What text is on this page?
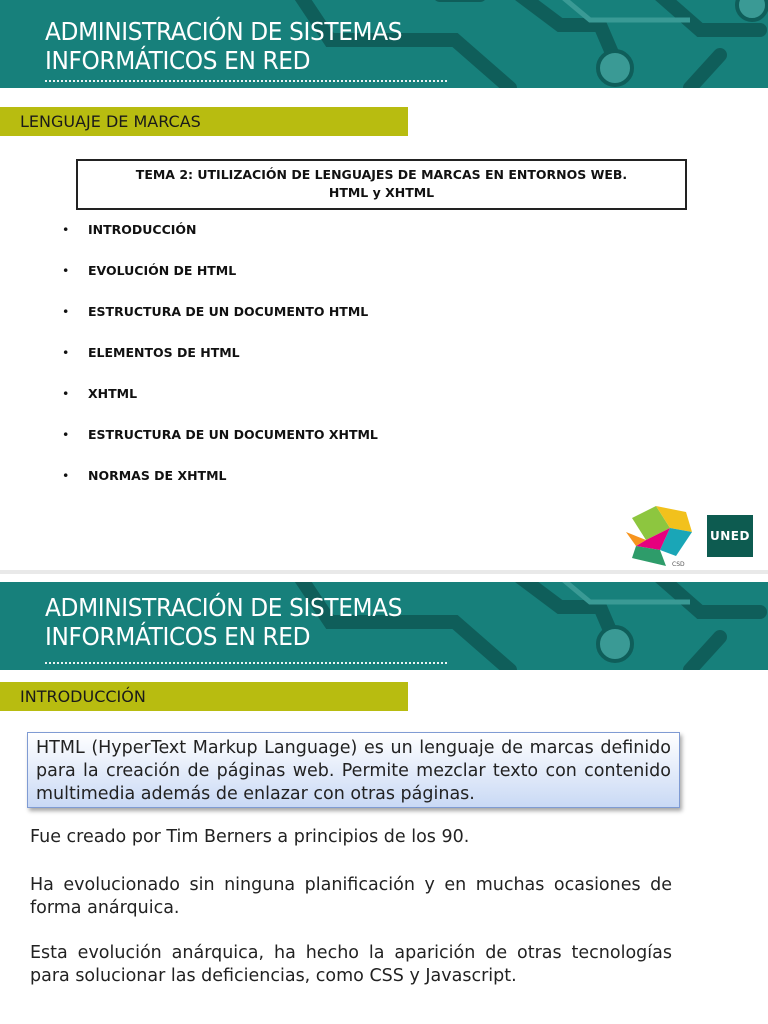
ADMINISTRACIÓN DE SISTEMAS
INFORMÁTICOS EN RED
LENGUAJE DE MARCAS
TEMA 2: UTILIZACIÓN DE LENGUAJES DE MARCAS EN ENTORNOS WEB.
HTML y XHTML
• INTRODUCCIÓN
• EVOLUCIÓN DE HTML
• ESTRUCTURA DE UN DOCUMENTO HTML
• ELEMENTOS DE HTML
• XHTML
• ESTRUCTURA DE UN DOCUMENTO XHTML
• NORMAS DE XHTML
CSD
UNED
ADMINISTRACIÓN DE SISTEMAS
INFORMÁTICOS EN RED
INTRODUCCIÓN
HTML (HyperText Markup Language) es un lenguaje de marcas definido para la creación de páginas web. Permite mezclar texto con contenido multimedia además de enlazar con otras páginas.
Fue creado por Tim Berners a principios de los 90.
Ha evolucionado sin ninguna planificación y en muchas ocasiones de forma anárquica.
Esta evolución anárquica, ha hecho la aparición de otras tecnologías para solucionar las deficiencias, como CSS y Javascript.
